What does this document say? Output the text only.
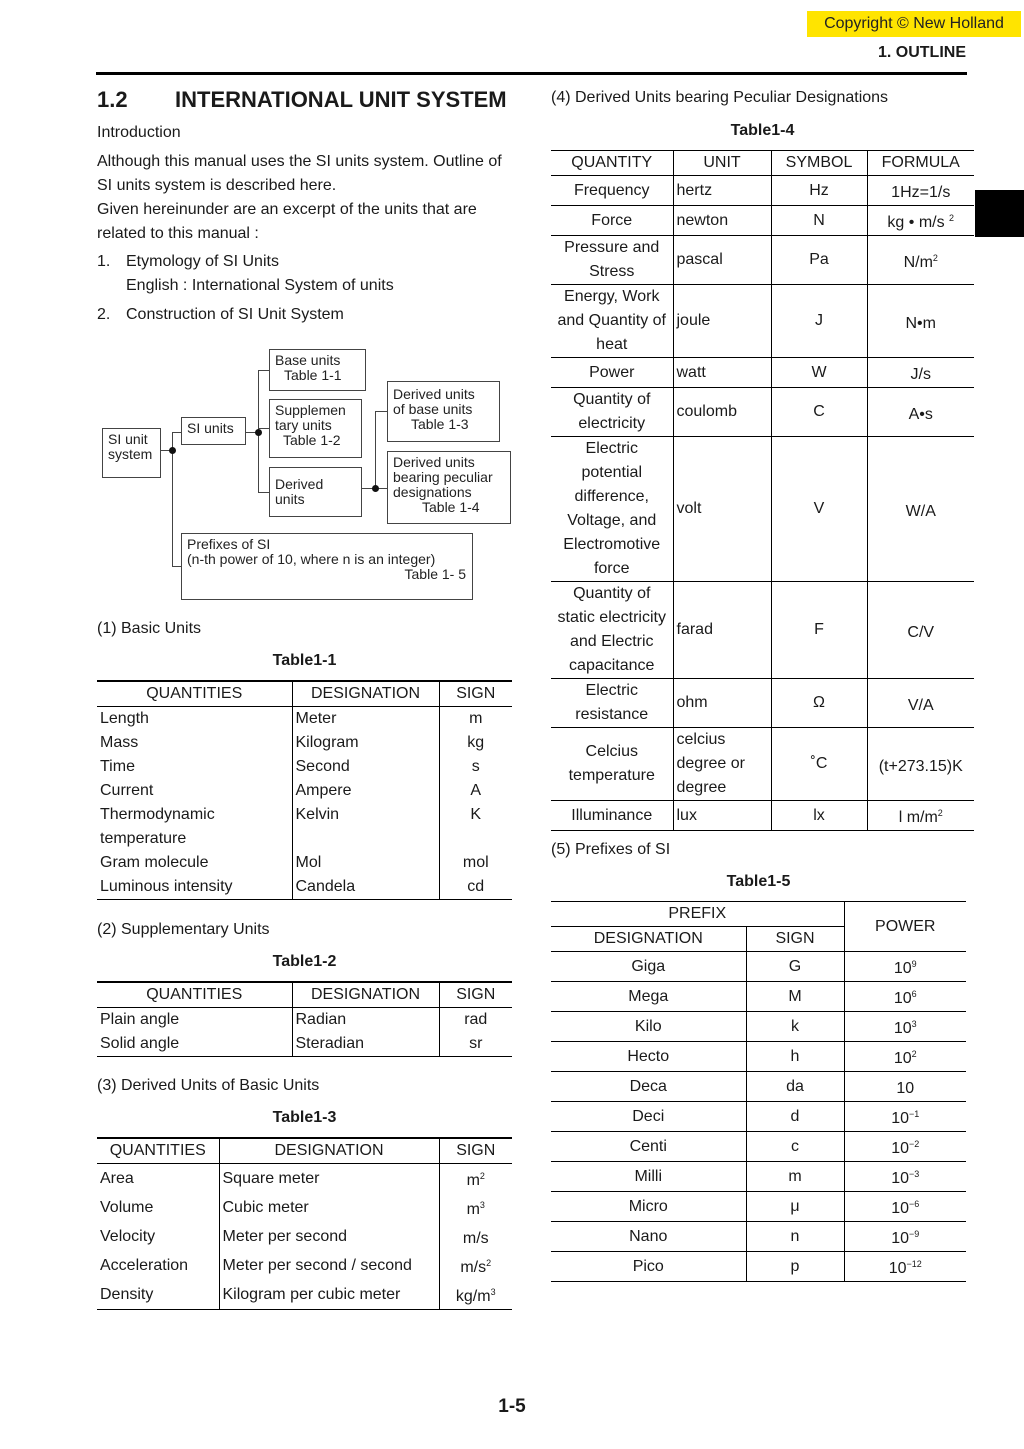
Copyright © New Holland
1. OUTLINE
1.2 INTERNATIONAL UNIT SYSTEM
Introduction
Although this manual uses the SI units system. Outline of SI units system is described here.
Given hereinunder are an excerpt of the units that are related to this manual :
1. Etymology of SI Units
English : International System of units
2. Construction of SI Unit System
SI unit system
SI units
Base units
Table 1-1
Supplemen
tary units
Table 1-2
Derived
units
Derived units
of base units
Table 1-3
Derived units
bearing peculiar
designations
Table 1-4
Prefixes of SI
(n-th power of 10, where n is an integer)
Table 1- 5
(1) Basic Units
Table1-1
QUANTITIES	DESIGNATION	SIGN
Length	Meter	m
Mass	Kilogram	kg
Time	Second	s
Current	Ampere	A
Thermodynamic	Kelvin	K
temperature		
Gram molecule	Mol	mol
Luminous intensity	Candela	cd
(2) Supplementary Units
Table1-2
QUANTITIES	DESIGNATION	SIGN
Plain angle	Radian	rad
Solid angle	Steradian	sr
(3) Derived Units of Basic Units
Table1-3
QUANTITIES	DESIGNATION	SIGN
Area	Square meter	$m^2$
Volume	Cubic meter	$m^3$
Velocity	Meter per second	m/s
Acceleration	Meter per second / second	$m/s^2$
Density	Kilogram per cubic meter	$kg/m^3$
(4) Derived Units bearing Peculiar Designations
Table1-4
QUANTITY	UNIT	SYMBOL	FORMULA
Frequency	hertz	Hz	1Hz=1/s
Force	newton	N	kg • m/s $^2$
Pressure and Stress	pascal	Pa	$N/m^2$
Energy, Work and Quantity of heat	joule	J	N•m
Power	watt	W	J/s
Quantity of electricity	coulomb	C	A•s
Electric potential difference, Voltage, and Electromotive force	volt	V	W/A
Quantity of static electricity and Electric capacitance	farad	F	C/V
Electric resistance	ohm	Ω	V/A
Celcius temperature	celcius degree or degree	˚C	(t+273.15)K
Illuminance	lux	lx	l $m/m^2$
(5) Prefixes of SI
Table1-5
PREFIX		POWER
DESIGNATION	SIGN	
Giga	G	$10^9$
Mega	M	$10^6$
Kilo	k	$10^3$
Hecto	h	$10^2$
Deca	da	10
Deci	d	$10^{-1}$
Centi	c	$10^{-2}$
Milli	m	$10^{-3}$
Micro	μ	$10^{-6}$
Nano	n	$10^{-9}$
Pico	p	$10^{-12}$
1-5
